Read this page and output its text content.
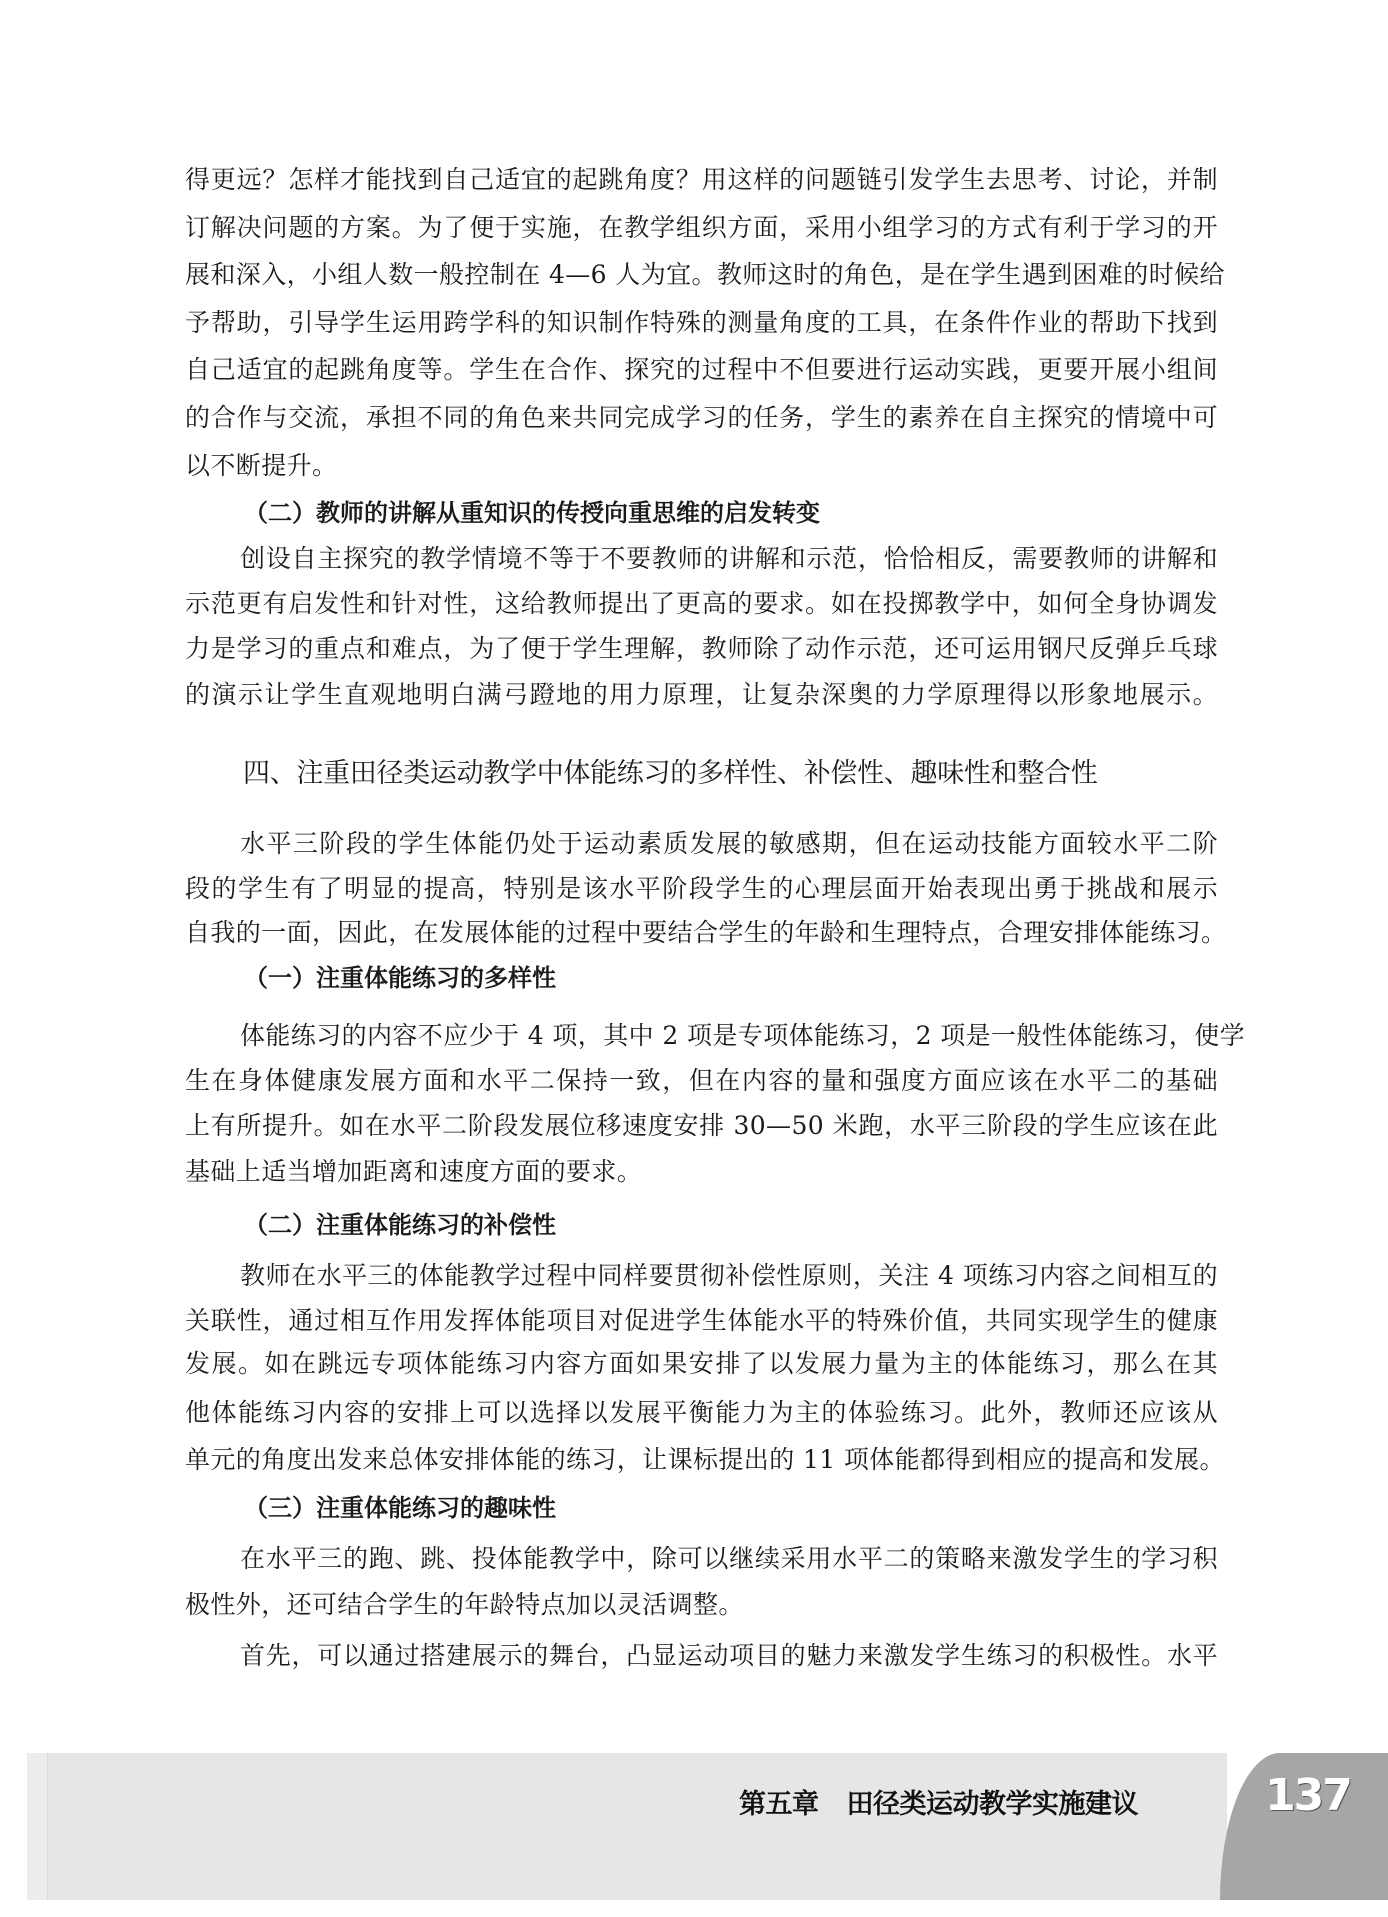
得更远？怎样才能找到自己适宜的起跳角度？用这样的问题链引发学生去思考、讨论，并制
订解决问题的方案。为了便于实施，在教学组织方面，采用小组学习的方式有利于学习的开
展和深入，小组人数一般控制在 4—6 人为宜。教师这时的角色，是在学生遇到困难的时候给
予帮助，引导学生运用跨学科的知识制作特殊的测量角度的工具，在条件作业的帮助下找到
自己适宜的起跳角度等。学生在合作、探究的过程中不但要进行运动实践，更要开展小组间
的合作与交流，承担不同的角色来共同完成学习的任务，学生的素养在自主探究的情境中可
以不断提升。
（二）教师的讲解从重知识的传授向重思维的启发转变
创设自主探究的教学情境不等于不要教师的讲解和示范，恰恰相反，需要教师的讲解和
示范更有启发性和针对性，这给教师提出了更高的要求。如在投掷教学中，如何全身协调发
力是学习的重点和难点，为了便于学生理解，教师除了动作示范，还可运用钢尺反弹乒乓球
的演示让学生直观地明白满弓蹬地的用力原理，让复杂深奥的力学原理得以形象地展示。
四、注重田径类运动教学中体能练习的多样性、补偿性、趣味性和整合性
水平三阶段的学生体能仍处于运动素质发展的敏感期，但在运动技能方面较水平二阶
段的学生有了明显的提高，特别是该水平阶段学生的心理层面开始表现出勇于挑战和展示
自我的一面，因此，在发展体能的过程中要结合学生的年龄和生理特点，合理安排体能练习。
（一）注重体能练习的多样性
体能练习的内容不应少于 4 项，其中 2 项是专项体能练习，2 项是一般性体能练习，使学
生在身体健康发展方面和水平二保持一致，但在内容的量和强度方面应该在水平二的基础
上有所提升。如在水平二阶段发展位移速度安排 30—50 米跑，水平三阶段的学生应该在此
基础上适当增加距离和速度方面的要求。
（二）注重体能练习的补偿性
教师在水平三的体能教学过程中同样要贯彻补偿性原则，关注 4 项练习内容之间相互的
关联性，通过相互作用发挥体能项目对促进学生体能水平的特殊价值，共同实现学生的健康
发展。如在跳远专项体能练习内容方面如果安排了以发展力量为主的体能练习，那么在其
他体能练习内容的安排上可以选择以发展平衡能力为主的体验练习。此外，教师还应该从
单元的角度出发来总体安排体能的练习，让课标提出的 11 项体能都得到相应的提高和发展。
（三）注重体能练习的趣味性
在水平三的跑、跳、投体能教学中，除可以继续采用水平二的策略来激发学生的学习积
极性外，还可结合学生的年龄特点加以灵活调整。
首先，可以通过搭建展示的舞台，凸显运动项目的魅力来激发学生练习的积极性。水平
第五章 田径类运动教学实施建议	137
